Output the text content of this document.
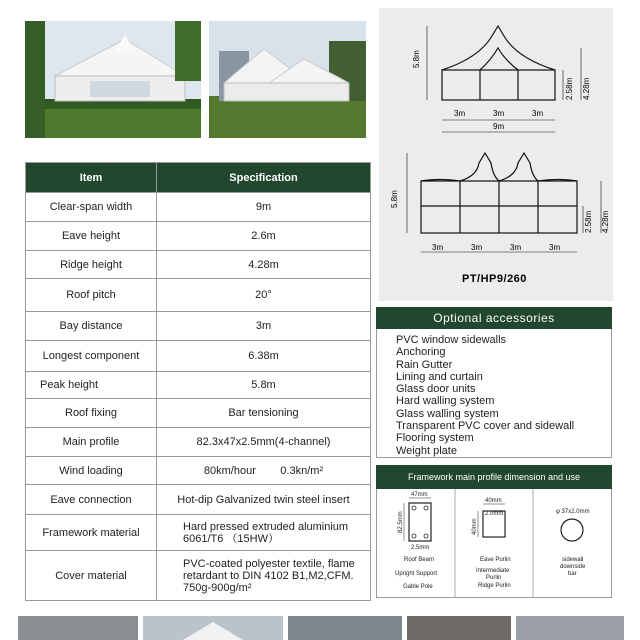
5.8m
2.58m 4.28m
3m	3m	3m
9m
5.8m
2.58m 4.28m
3m	3m	3m	3m
PT/HP9/260
Item	Specification
Clear-span width	9m
Eave height	2.6m
Ridge height	4.28m
Roof pitch	20°
Bay distance	3m
Longest component	6.38m
Peak height	5.8m
Roof fixing	Bar tensioning
Main profile	82.3x47x2.5mm(4-channel)
Wind loading	80km/hour        0.3kn/m²
Eave connection	Hot-dip Galvanized twin steel insert
Framework material	Hard pressed extruded aluminium 6061/T6 （15HW）
Cover material	PVC-coated polyester textile, flame retardant to DIN 4102 B1,M2,CFM. 750g-900g/m²
Optional accessories
PVC window sidewalls
Anchoring
Rain Gutter
Lining and curtain
Glass door units
Hard walling system
Glass walling system
Transparent PVC cover and sidewall
Flooring system
Weight plate
Framework main profile dimension and use
47mm
82.5mm
2.5mm
Roof Beam
Upright Support
Gable Pole
40mm
2.0mm
40mm
Eave Purlin
Intermediate
Purlin
Ridge Purlin
φ 37x2.0mm
sidewall
downside
bar
